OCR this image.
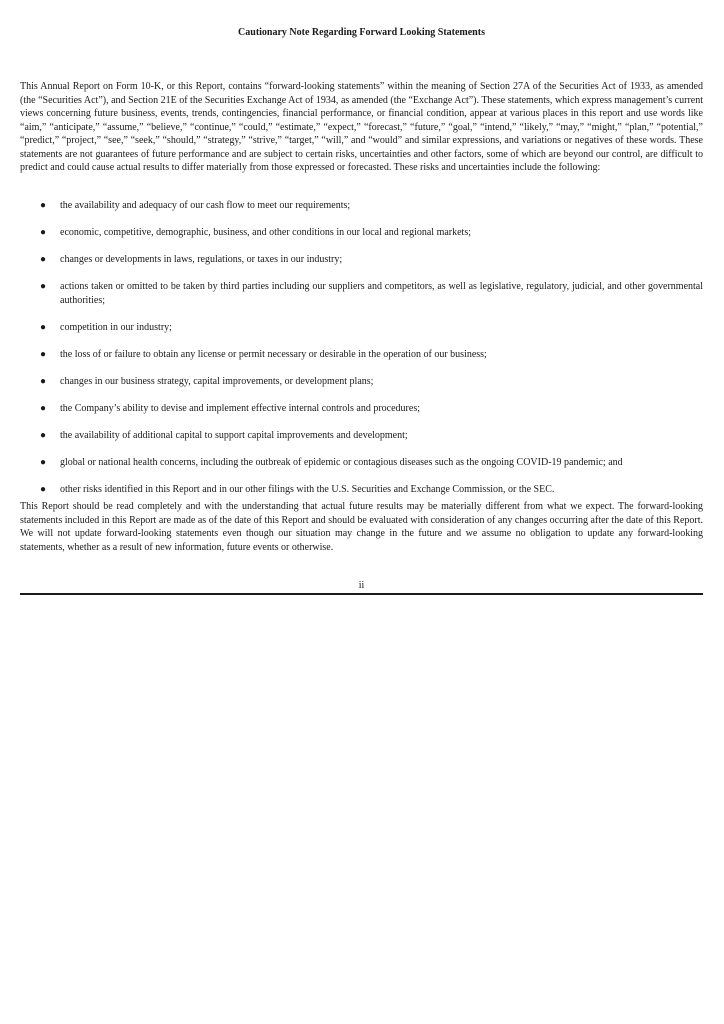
Cautionary Note Regarding Forward Looking Statements

This Annual Report on Form 10-K, or this Report, contains “forward-looking statements” within the meaning of Section 27A of the Securities Act of 1933, as amended (the “Securities Act”), and Section 21E of the Securities Exchange Act of 1934, as amended (the “Exchange Act”). These statements, which express management’s current views concerning future business, events, trends, contingencies, financial performance, or financial condition, appear at various places in this report and use words like “aim,” “anticipate,” “assume,” “believe,” “continue,” “could,” “estimate,” “expect,” “forecast,” “future,” “goal,” “intend,” “likely,” “may,” “might,” “plan,” “potential,” “predict,” “project,” “see,” “seek,” “should,” “strategy,” “strive,” “target,” “will,” and “would” and similar expressions, and variations or negatives of these words. These statements are not guarantees of future performance and are subject to certain risks, uncertainties and other factors, some of which are beyond our control, are difficult to predict and could cause actual results to differ materially from those expressed or forecasted. These risks and uncertainties include the following:

● the availability and adequacy of our cash flow to meet our requirements;
● economic, competitive, demographic, business, and other conditions in our local and regional markets;
● changes or developments in laws, regulations, or taxes in our industry;
● actions taken or omitted to be taken by third parties including our suppliers and competitors, as well as legislative, regulatory, judicial, and other governmental authorities;
● competition in our industry;
● the loss of or failure to obtain any license or permit necessary or desirable in the operation of our business;
● changes in our business strategy, capital improvements, or development plans;
● the Company’s ability to devise and implement effective internal controls and procedures;
● the availability of additional capital to support capital improvements and development;
● global or national health concerns, including the outbreak of epidemic or contagious diseases such as the ongoing COVID-19 pandemic; and
● other risks identified in this Report and in our other filings with the U.S. Securities and Exchange Commission, or the SEC.

This Report should be read completely and with the understanding that actual future results may be materially different from what we expect. The forward-looking statements included in this Report are made as of the date of this Report and should be evaluated with consideration of any changes occurring after the date of this Report. We will not update forward-looking statements even though our situation may change in the future and we assume no obligation to update any forward-looking statements, whether as a result of new information, future events or otherwise.

ii
